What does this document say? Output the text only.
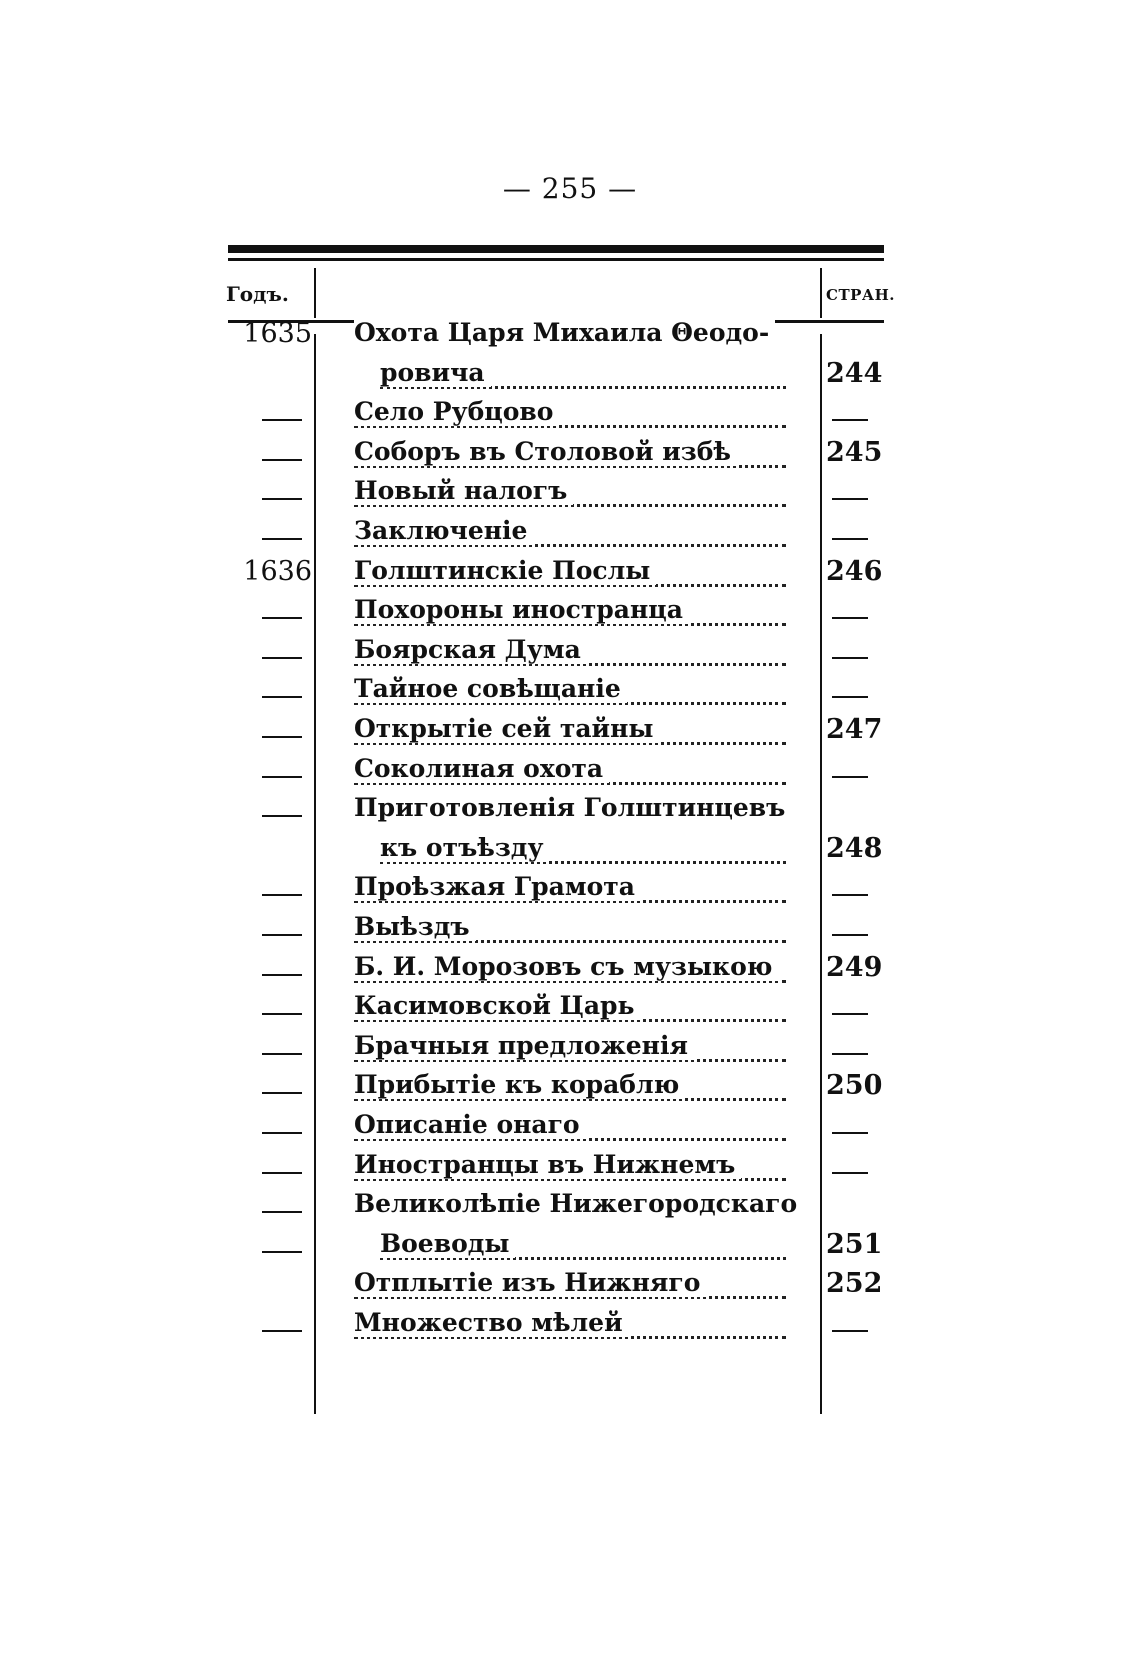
— 255 —
Годъ.	СТРАН.
1635 Охота Царя Михаила Θеодо-
ровича	244
Село Рубцово
Соборъ въ Столовой избѣ	245
Новый налогъ
Заключеніе
1636 Голштинскіе Послы	246
Похороны иностранца
Боярская Дума
Тайное совѣщаніе
Открытіе сей тайны	247
Соколиная охота
Приготовленія Голштинцевъ
къ отъѣзду	248
Проѣзжая Грамота
Выѣздъ
Б. И. Морозовъ съ музыкою 249
Касимовской Царь
Брачныя предложенія
Прибытіе къ кораблю	250
Описаніе онаго
Иностранцы въ Нижнемъ
Великолѣпіе Нижегородскаго
Воеводы	251
Отплытіе изъ Нижняго	252
Множество мѣлей
